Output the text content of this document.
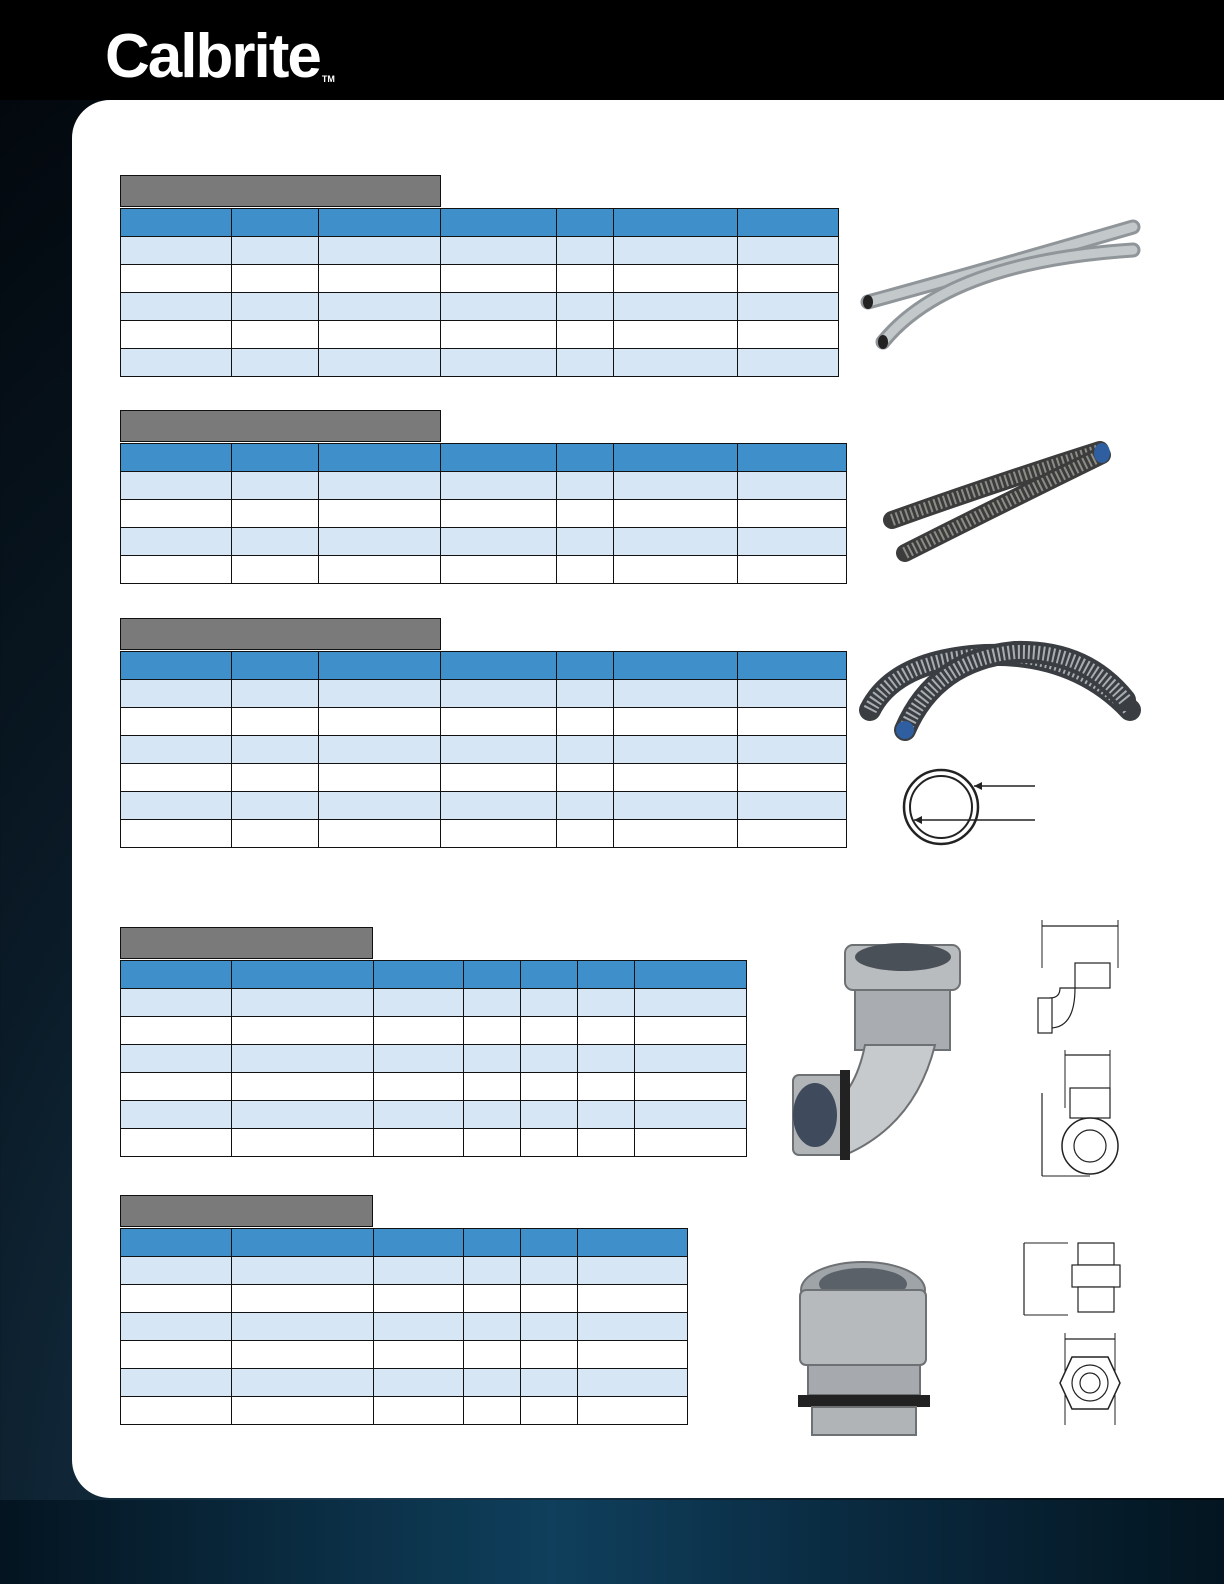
Calbrite ™
